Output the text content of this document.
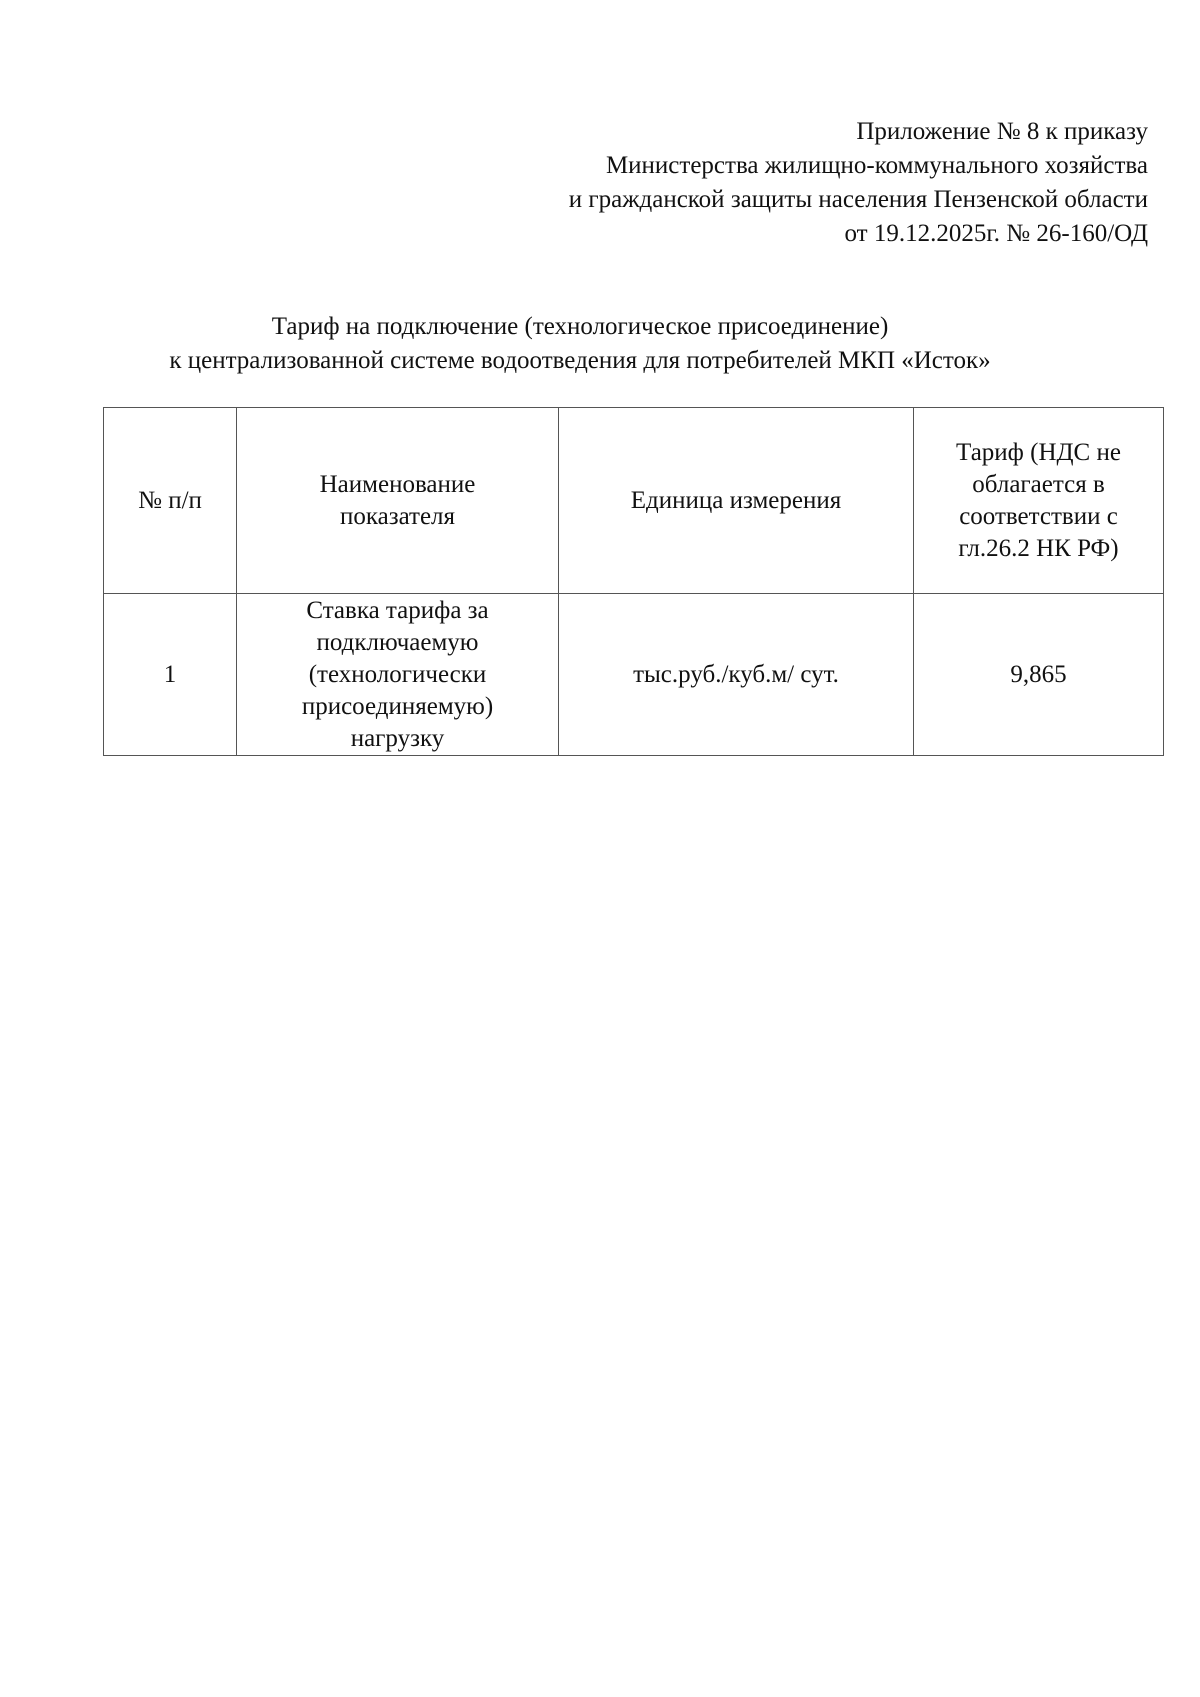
Приложение № 8 к приказу
Министерства жилищно-коммунального хозяйства
и гражданской защиты населения Пензенской области
от 19.12.2025г. № 26-160/ОД
Тариф на подключение (технологическое присоединение)
к централизованной системе водоотведения для потребителей МКП «Исток»
№ п/п	Наименование показателя	Единица измерения	Тариф (НДС не облагается в соответствии с гл.26.2 НК РФ)

1	Ставка тарифа за подключаемую (технологически присоединяемую) нагрузку	тыс.руб./куб.м/ сут.	9,865
